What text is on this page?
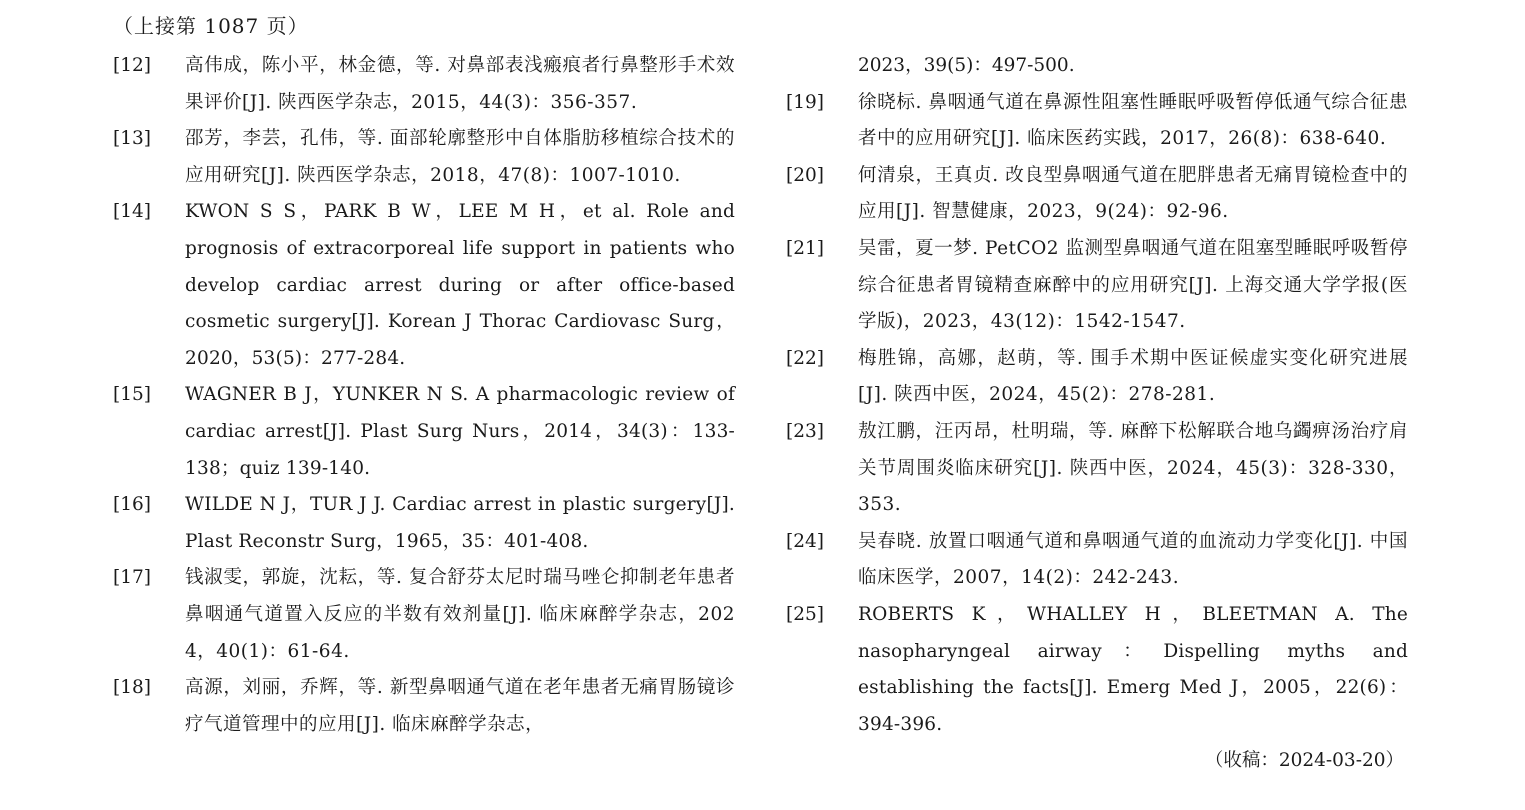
（上接第 1087 页）
[12]	高伟成，陈小平，林金德，等. 对鼻部表浅瘢痕者行鼻整形手术效果评价[J]. 陕西医学杂志，2015，44(3)：356-357.
[13]	邵芳，李芸，孔伟，等. 面部轮廓整形中自体脂肪移植综合技术的应用研究[J]. 陕西医学杂志，2018，47(8)：1007-1010.
[14]	KWON S S，PARK B W，LEE M H，et al. Role and prognosis of extracorporeal life support in patients who develop cardiac arrest during or after office-based cosmetic surgery[J]. Korean J Thorac Cardiovasc Surg，2020，53(5)：277-284.
[15]	WAGNER B J，YUNKER N S. A pharmacologic review of cardiac arrest[J]. Plast Surg Nurs，2014，34(3)：133-138；quiz 139-140.
[16]	WILDE N J，TUR J J. Cardiac arrest in plastic surgery[J]. Plast Reconstr Surg，1965，35：401-408.
[17]	钱淑雯，郭旋，沈耘，等. 复合舒芬太尼时瑞马唑仑抑制老年患者鼻咽通气道置入反应的半数有效剂量[J]. 临床麻醉学杂志，2024，40(1)：61-64.
[18]	高源，刘丽，乔辉，等. 新型鼻咽通气道在老年患者无痛胃肠镜诊疗气道管理中的应用[J]. 临床麻醉学杂志，
2023，39(5)：497-500.
[19]	徐晓标. 鼻咽通气道在鼻源性阻塞性睡眠呼吸暂停低通气综合征患者中的应用研究[J]. 临床医药实践，2017，26(8)：638-640.
[20]	何清泉，王真贞. 改良型鼻咽通气道在肥胖患者无痛胃镜检查中的应用[J]. 智慧健康，2023，9(24)：92-96.
[21]	吴雷，夏一梦. PetCO2 监测型鼻咽通气道在阻塞型睡眠呼吸暂停综合征患者胃镜精查麻醉中的应用研究[J]. 上海交通大学学报(医学版)，2023，43(12)：1542-1547.
[22]	梅胜锦，高娜，赵萌，等. 围手术期中医证候虚实变化研究进展[J]. 陕西中医，2024，45(2)：278-281.
[23]	敖江鹏，汪丙昂，杜明瑞，等. 麻醉下松解联合地乌蠲痹汤治疗肩关节周围炎临床研究[J]. 陕西中医，2024，45(3)：328-330，353.
[24]	吴春晓. 放置口咽通气道和鼻咽通气道的血流动力学变化[J]. 中国临床医学，2007，14(2)：242-243.
[25]	ROBERTS K，WHALLEY H，BLEETMAN A. The nasopharyngeal airway：Dispelling myths and establishing the facts[J]. Emerg Med J，2005，22(6)：394-396.
（收稿：2024-03-20）
